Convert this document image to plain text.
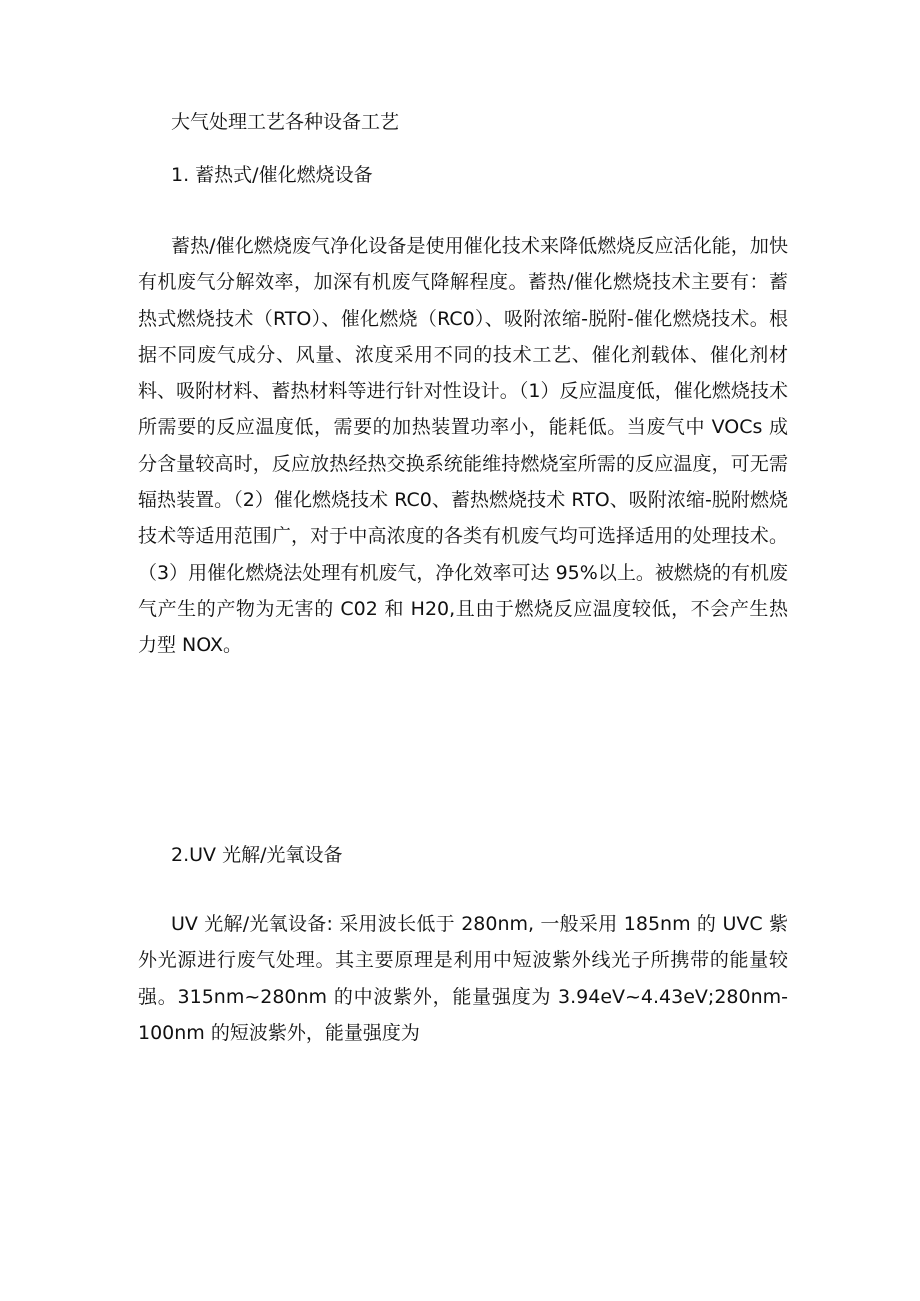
大气处理工艺各种设备工艺
1. 蓄热式/催化燃烧设备

蓄热/催化燃烧废气净化设备是使用催化技术来降低燃烧反应活化能，加快有机废气分解效率，加深有机废气降解程度。蓄热/催化燃烧技术主要有：蓄热式燃烧技术（RTO）、催化燃烧（RC0）、吸附浓缩-脱附-催化燃烧技术。根据不同废气成分、风量、浓度采用不同的技术工艺、催化剂载体、催化剂材料、吸附材料、蓄热材料等进行针对性设计。（1）反应温度低，催化燃烧技术所需要的反应温度低，需要的加热装置功率小，能耗低。当废气中 VOCs 成分含量较高时，反应放热经热交换系统能维持燃烧室所需的反应温度，可无需辐热装置。（2）催化燃烧技术 RC0、蓄热燃烧技术 RTO、吸附浓缩-脱附燃烧技术等适用范围广，对于中高浓度的各类有机废气均可选择适用的处理技术。（3）用催化燃烧法处理有机废气，净化效率可达 95%以上。被燃烧的有机废气产生的产物为无害的 C02 和 H20,且由于燃烧反应温度较低，不会产生热力型 NOX。

2.UV 光解/光氧设备

UV 光解/光氧设备: 采用波长低于 280nm, 一般采用 185nm 的 UVC 紫外光源进行废气处理。其主要原理是利用中短波紫外线光子所携带的能量较强。315nm~280nm 的中波紫外，能量强度为 3.94eV~4.43eV;280nm-100nm 的短波紫外，能量强度为
